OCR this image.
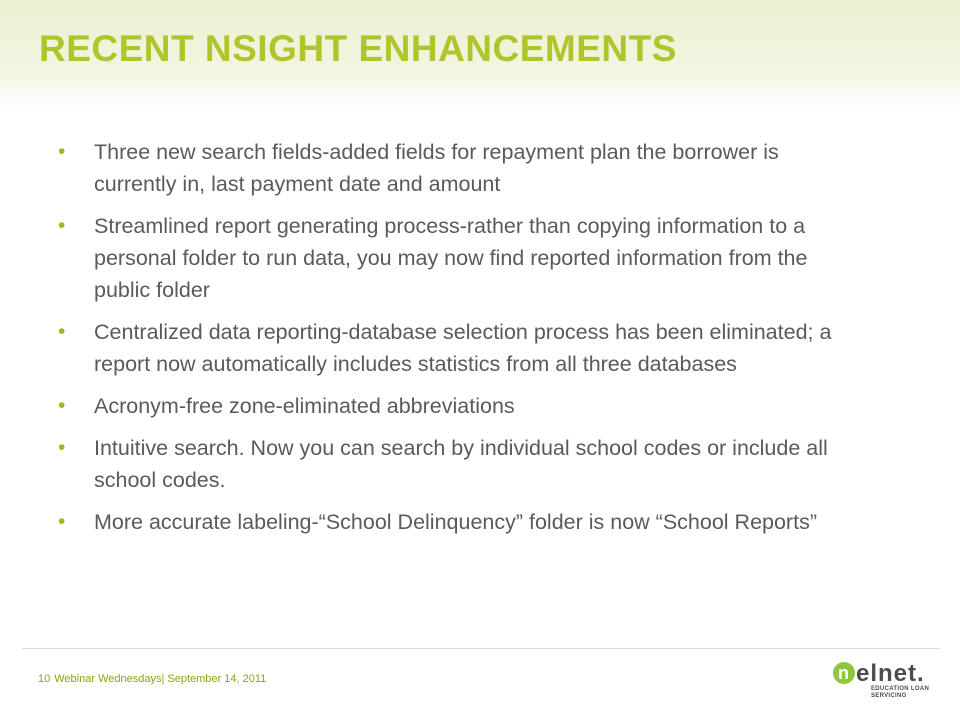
RECENT NSIGHT ENHANCEMENTS
• Three new search fields-added fields for repayment plan the borrower is currently in, last payment date and amount
• Streamlined report generating process-rather than copying information to a personal folder to run data, you may now find reported information from the public folder
• Centralized data reporting-database selection process has been eliminated; a report now automatically includes statistics from all three databases
• Acronym-free zone-eliminated abbreviations
• Intuitive search. Now you can search by individual school codes or include all school codes.
• More accurate labeling-“School Delinquency” folder is now “School Reports”
10 Webinar Wednesdays| September 14, 2011	n elnet.
EDUCATION LOAN
SERVICING
